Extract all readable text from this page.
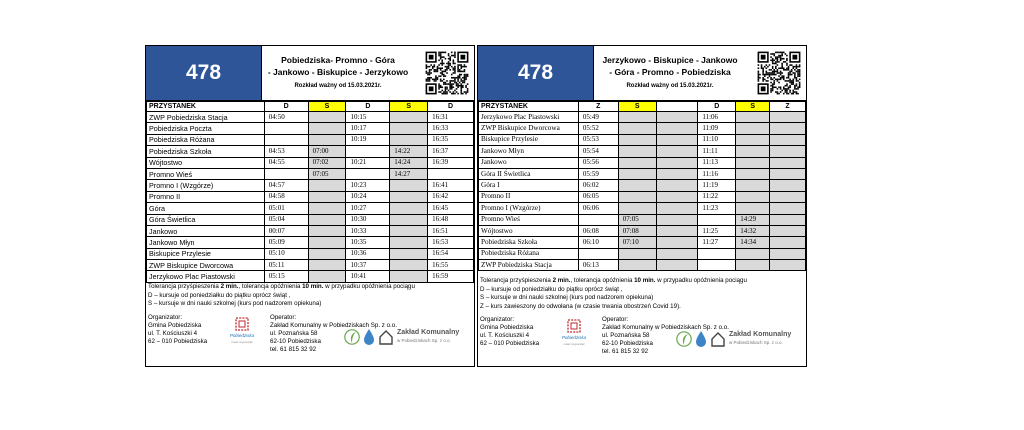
478
Pobiedziska- Promno - Góra
- Jankowo - Biskupice - Jerzykowo
Rozkład ważny od 15.03.2021r.
PRZYSTANEK	D	S	D	S	D
ZWP Pobiedziska Stacja	04:50		10:15		16:31
Pobiedziska Poczta			10:17		16:33
Pobiedziska Różana			10:19		16:35
Pobiedziska Szkoła	04:53	07:00		14:22	16:37
Wójtostwo	04:55	07:02	10:21	14:24	16:39
Promno Wieś		07:05		14:27	
Promno I (Wzgórze)	04:57		10:23		16:41
Promno II	04:58		10:24		16:42
Góra	05:01		10:27		16:45
Góra Świetlica	05:04		10:30		16:48
Jankowo	00:07		10:33		16:51
Jankowo Młyn	05:09		10:35		16:53
Biskupice Przylesie	05:10		10:36		16:54
ZWP Biskupice Dworcowa	05:11		10:37		16:55
Jerzykowo Plac Piastowski	05:15		10:41		16:59
Tolerancja przyśpieszenia 2 min., tolerancja opóźnienia 10 min. w przypadku opóźnienia pociągu
D – kursuje od poniedziałku do piątku oprócz świąt ,
S – kursuje w dni nauki szkolnej (kurs pod nadzorem opiekuna)
Organizator:
Gmina Pobiedziska
ul. T. Kościuszki 4
62 – 010 Pobiedziska
Operator:
Zakład Komunalny w Pobiedziskach Sp. z o.o.
ul. Poznańska 58
62-10 Pobiedziska
tel. 61 815 32 92
Pobiedziska
masz wypocząć
Zakład Komunalny
w Pobiedziskach Sp. z o.o.
478
Jerzykowo - Biskupice - Jankowo
- Góra - Promno - Pobiedziska
Rozkład ważny od 15.03.2021r.
PRZYSTANEK	Z	S		D	S	Z
Jerzykowo Plac Piastowski	05:49			11:06		
ZWP Biskupice Dworcowa	05:52			11:09		
Biskupice Przylesie	05:53			11:10		
Jankowo Młyn	05:54			11:11		
Jankowo	05:56			11:13		
Góra II Świetlica	05:59			11:16		
Góra I	06:02			11:19		
Promno II	06:05			11:22		
Promno I (Wzgórze)	06:06			11:23		
Promno Wieś		07:05			14:29	
Wójtostwo	06:08	07:08		11:25	14:32	
Pobiedziska Szkoła	06:10	07:10		11:27	14:34	
Pobiedziska Różana						
ZWP Pobiedziska Stacja	06:13					
Tolerancja przyśpieszenia 2 min., tolerancja opóźnienia 10 min. w przypadku opóźnienia pociągu
D – kursuje od poniedziałku do piątku oprócz świąt ,
S – kursuje w dni nauki szkolnej (kurs pod nadzorem opiekuna)
Z – kurs zawieszony do odwołana (w czasie trwania obostrzeń Covid 19).
Organizator:
Gmina Pobiedziska
ul. T. Kościuszki 4
62 – 010 Pobiedziska
Operator:
Zakład Komunalny w Pobiedziskach Sp. z o.o.
ul. Poznańska 58
62-10 Pobiedziska
tel. 61 815 32 92
Pobiedziska
masz wypocząć
Zakład Komunalny
w Pobiedziskach Sp. z o.o.
